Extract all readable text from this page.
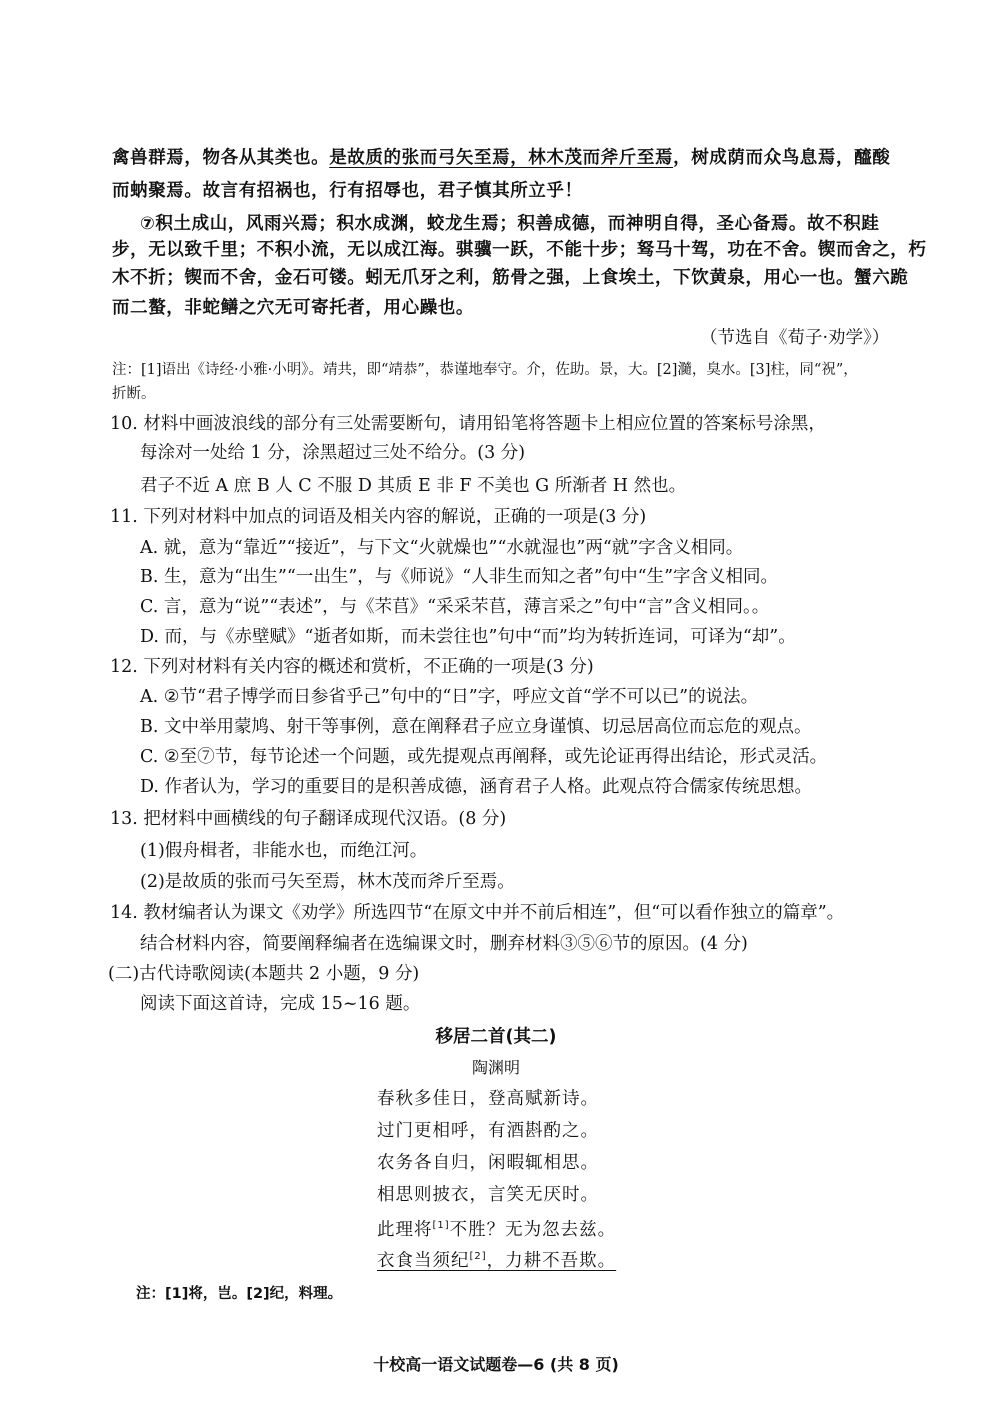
禽兽群焉，物各从其类也。是故质的张而弓矢至焉，林木茂而斧斤至焉，树成荫而众鸟息焉，醯酸
而蚋聚焉。故言有招祸也，行有招辱也，君子慎其所立乎！
⑦积土成山，风雨兴焉；积水成渊，蛟龙生焉；积善成德，而神明自得，圣心备焉。故不积跬
步，无以致千里；不积小流，无以成江海。骐骥一跃，不能十步；驽马十驾，功在不舍。锲而舍之，朽
木不折；锲而不舍，金石可镂。蚓无爪牙之利，筋骨之强，上食埃土，下饮黄泉，用心一也。蟹六跪
而二螯，非蛇鳝之穴无可寄托者，用心躁也。
（节选自《荀子·劝学》）
注：[1]语出《诗经·小雅·小明》。靖共，即“靖恭”，恭谨地奉守。介，佐助。景，大。[2]瀡，臭水。[3]柱，同“祝”，
折断。
10. 材料中画波浪线的部分有三处需要断句，请用铅笔将答题卡上相应位置的答案标号涂黑，
每涂对一处给 1 分，涂黑超过三处不给分。(3 分)
君子不近 A 庶 B 人 C 不服 D 其质 E 非 F 不美也 G 所渐者 H 然也。
11. 下列对材料中加点的词语及相关内容的解说，正确的一项是(3 分)
A. 就，意为“靠近”“接近”，与下文“火就燥也”“水就湿也”两“就”字含义相同。
B. 生，意为“出生”“一出生”，与《师说》“人非生而知之者”句中“生”字含义相同。
C. 言，意为“说”“表述”，与《芣苢》“采采芣苢，薄言采之”句中“言”含义相同。。
D. 而，与《赤壁赋》“逝者如斯，而未尝往也”句中“而”均为转折连词，可译为“却”。
12. 下列对材料有关内容的概述和赏析，不正确的一项是(3 分)
A. ②节“君子博学而日参省乎己”句中的“日”字，呼应文首“学不可以已”的说法。
B. 文中举用蒙鸠、射干等事例，意在阐释君子应立身谨慎、切忌居高位而忘危的观点。
C. ②至⑦节，每节论述一个问题，或先提观点再阐释，或先论证再得出结论，形式灵活。
D. 作者认为，学习的重要目的是积善成德，涵育君子人格。此观点符合儒家传统思想。
13. 把材料中画横线的句子翻译成现代汉语。(8 分)
(1)假舟楫者，非能水也，而绝江河。
(2)是故质的张而弓矢至焉，林木茂而斧斤至焉。
14. 教材编者认为课文《劝学》所选四节“在原文中并不前后相连”，但“可以看作独立的篇章”。
结合材料内容，简要阐释编者在选编课文时，删弃材料③⑤⑥节的原因。(4 分)
(二)古代诗歌阅读(本题共 2 小题，9 分)
阅读下面这首诗，完成 15~16 题。
移居二首(其二)
陶渊明
春秋多佳日，登高赋新诗。
过门更相呼，有酒斟酌之。
农务各自归，闲暇辄相思。
相思则披衣，言笑无厌时。
此理将[1]不胜？无为忽去兹。
衣食当须纪[2]，力耕不吾欺。
注：[1]将，岂。[2]纪，料理。
十校高一语文试题卷—6 (共 8 页)
